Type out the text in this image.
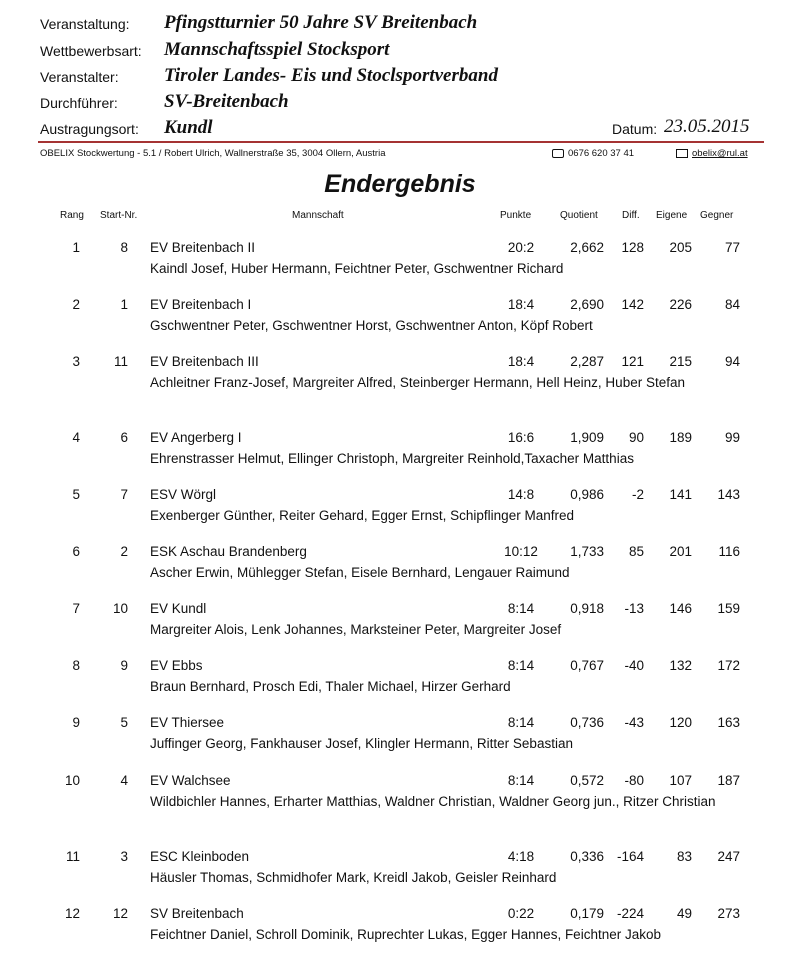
Veranstaltung: Pfingstturnier 50 Jahre SV Breitenbach
Wettbewerbsart: Mannschaftsspiel Stocksport
Veranstalter: Tiroler Landes- Eis und Stoclsportverband
Durchführer: SV-Breitenbach
Austragungsort: Kundl	Datum: 23.05.2015
OBELIX Stockwertung - 5.1 / Robert Ulrich, Wallnerstraße 35, 3004 Ollern, Austria	0676 620 37 41	obelix@rul.at
Endergebnis
Rang Start-Nr.	Mannschaft	Punkte	Quotient Diff. Eigene Gegner
1	8 EV Breitenbach II	20:2	2,662	128	205	77
Kaindl Josef, Huber Hermann, Feichtner Peter, Gschwentner Richard
2	1 EV Breitenbach I	18:4	2,690	142	226	84
Gschwentner Peter, Gschwentner Horst, Gschwentner Anton, Köpf Robert
3	11 EV Breitenbach III	18:4	2,287	121	215	94
Achleitner Franz-Josef, Margreiter Alfred, Steinberger Hermann, Hell Heinz, Huber Stefan
4	6 EV Angerberg I	16:6	1,909	90	189	99
Ehrenstrasser Helmut, Ellinger Christoph, Margreiter Reinhold,Taxacher Matthias
5	7 ESV Wörgl	14:8	0,986	-2	141	143
Exenberger Günther, Reiter Gehard, Egger Ernst, Schipflinger Manfred
6	2 ESK Aschau Brandenberg	10:12	1,733	85	201	116
Ascher Erwin, Mühlegger Stefan, Eisele Bernhard, Lengauer Raimund
7	10 EV Kundl	8:14	0,918	-13	146	159
Margreiter Alois, Lenk Johannes, Marksteiner Peter, Margreiter Josef
8	9 EV Ebbs	8:14	0,767	-40	132	172
Braun Bernhard, Prosch Edi, Thaler Michael, Hirzer Gerhard
9	5 EV Thiersee	8:14	0,736	-43	120	163
Juffinger Georg, Fankhauser Josef, Klingler Hermann, Ritter Sebastian
10	4 EV Walchsee	8:14	0,572	-80	107	187
Wildbichler Hannes, Erharter Matthias, Waldner Christian, Waldner Georg jun., Ritzer Christian
11	3 ESC Kleinboden	4:18	0,336 -164	83	247
Häusler Thomas, Schmidhofer Mark, Kreidl Jakob, Geisler Reinhard
12	12 SV Breitenbach	0:22	0,179 -224	49	273
Feichtner Daniel, Schroll Dominik, Ruprechter Lukas, Egger Hannes, Feichtner Jakob
